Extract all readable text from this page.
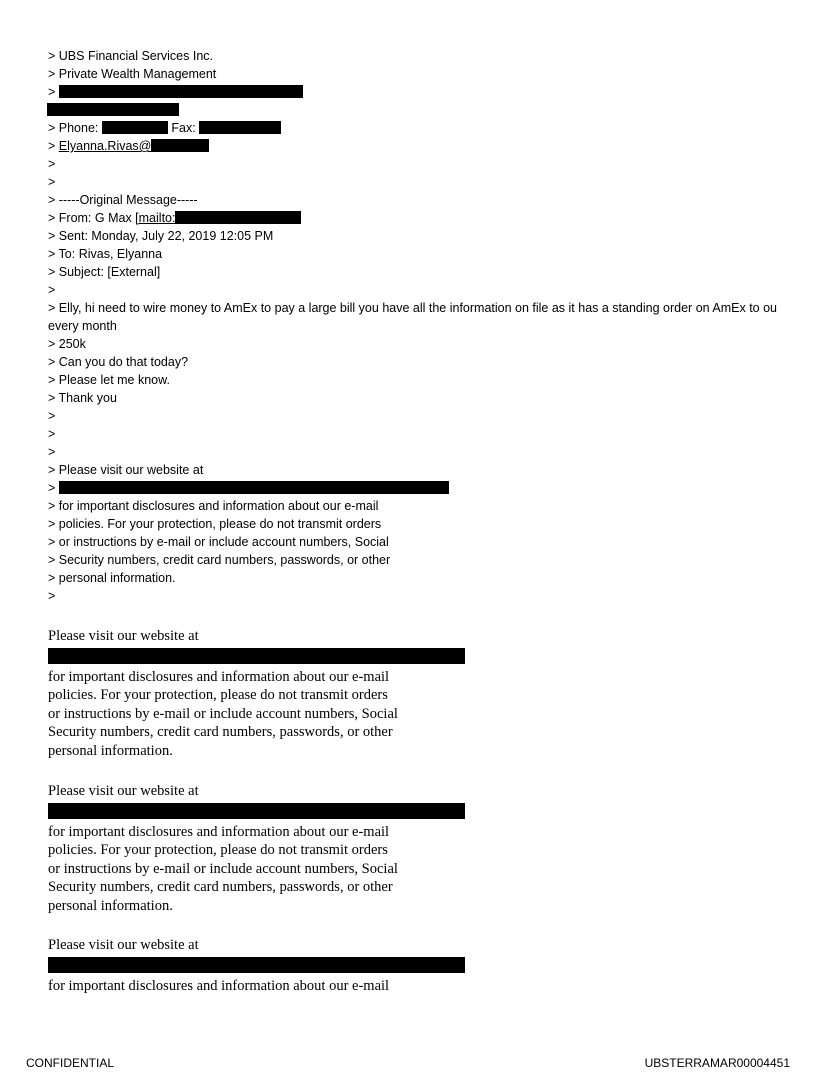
> UBS Financial Services Inc.
> Private Wealth Management
>
> Phone:	Fax:
> Elyanna.Rivas@
>
>
> -----Original Message-----
> From: G Max [mailto:
> Sent: Monday, July 22, 2019 12:05 PM
> To: Rivas, Elyanna
> Subject: [External]
>
> Elly, hi need to wire money to AmEx to pay a large bill you have all the information on file as it has a standing order on AmEx to ou every month
> 250k
> Can you do that today?
> Please let me know.
> Thank you
>
>
>
> Please visit our website at
>
> for important disclosures and information about our e-mail
> policies. For your protection, please do not transmit orders
> or instructions by e-mail or include account numbers, Social
> Security numbers, credit card numbers, passwords, or other
> personal information.
>
Please visit our website at
for important disclosures and information about our e-mail
policies. For your protection, please do not transmit orders
or instructions by e-mail or include account numbers, Social
Security numbers, credit card numbers, passwords, or other
personal information.
Please visit our website at
for important disclosures and information about our e-mail
policies. For your protection, please do not transmit orders
or instructions by e-mail or include account numbers, Social
Security numbers, credit card numbers, passwords, or other
personal information.
Please visit our website at
for important disclosures and information about our e-mail
CONFIDENTIAL	UBSTERRAMAR00004451
